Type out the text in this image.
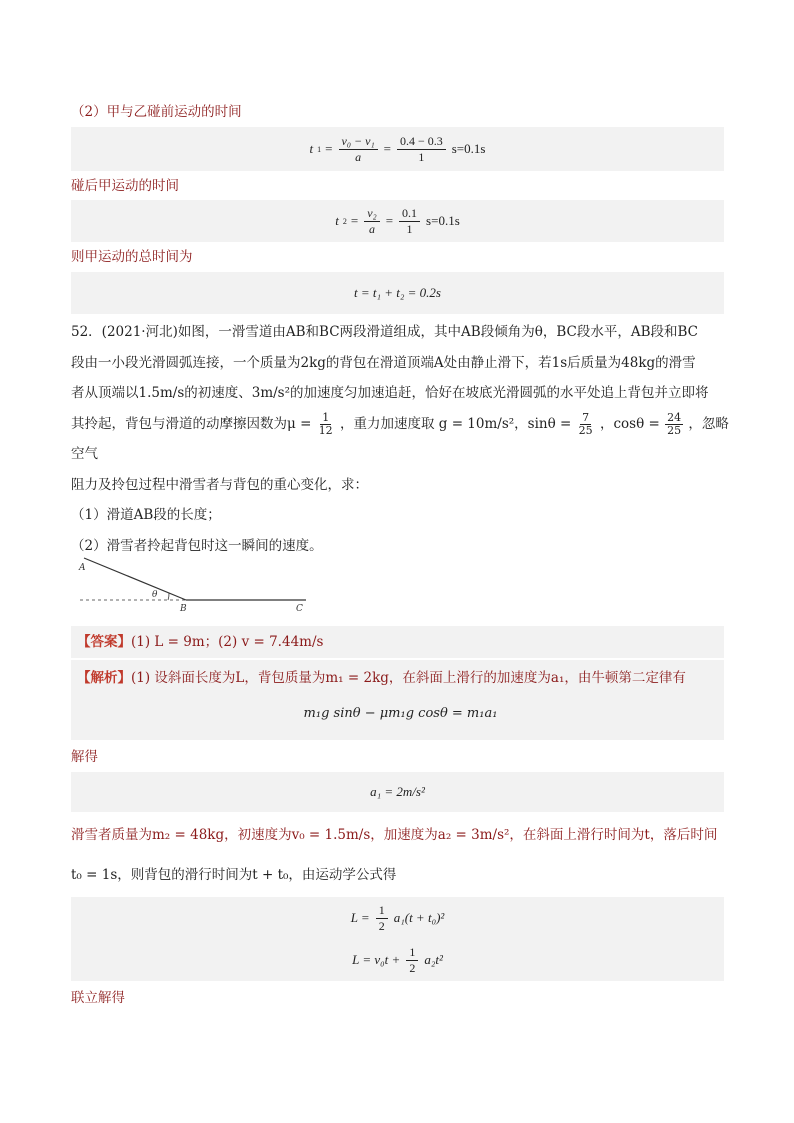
（2）甲与乙碰前运动的时间
t $1 = \frac{\text{v₀ − v₁}}{a} = \frac{0.4 - 0.3}{1} s=0.1s$
碰后甲运动的时间
t $2 = \frac{\text{v₂}}{a} = \frac{0.1}{1} s=0.1s$
则甲运动的总时间为
t = t₁ + t₂ = 0.2s

52．(2021·河北)如图，一滑雪道由AB和BC两段滑道组成，其中AB段倾角为θ，BC段水平，AB段和BC

段由一小段光滑圆弧连接，一个质量为2kg的背包在滑道顶端A处由静止滑下，若1s后质量为48kg的滑雪

者从顶端以1.5m/s的初速度、3m/s²的加速度匀加速追赶，恰好在坡底光滑圆弧的水平处追上背包并立即将

其拎起，背包与滑道的动摩擦因数为$\mu = \frac{1}{12}$ ，重力加速度取 g = 10m/s²，$\sin\theta = \frac{7}{25}$ ，$\cos\theta = \frac{24}{25}$ ，忽略空气

阻力及拎包过程中滑雪者与背包的重心变化，求：

（1）滑道AB段的长度；

（2）滑雪者拎起背包时这一瞬间的速度。

A
θ
B	C
【答案】(1) L = 9m；(2) v = 7.44m/s
【解析】(1) 设斜面长度为L，背包质量为m₁ = 2kg，在斜面上滑行的加速度为a₁，由牛顿第二定律有
m₁g sinθ − μm₁g cosθ = m₁a₁
解得
a₁ = 2m/s²
滑雪者质量为m₂ = 48kg，初速度为v₀ = 1.5m/s，加速度为a₂ = 3m/s²，在斜面上滑行时间为t，落后时间
t₀ = 1s，则背包的滑行时间为t + t₀，由运动学公式得
$L = \frac{1}{2} a_1(t + t_0)^2$
$L = v_0t + \frac{1}{2} a_2t^2$
联立解得
